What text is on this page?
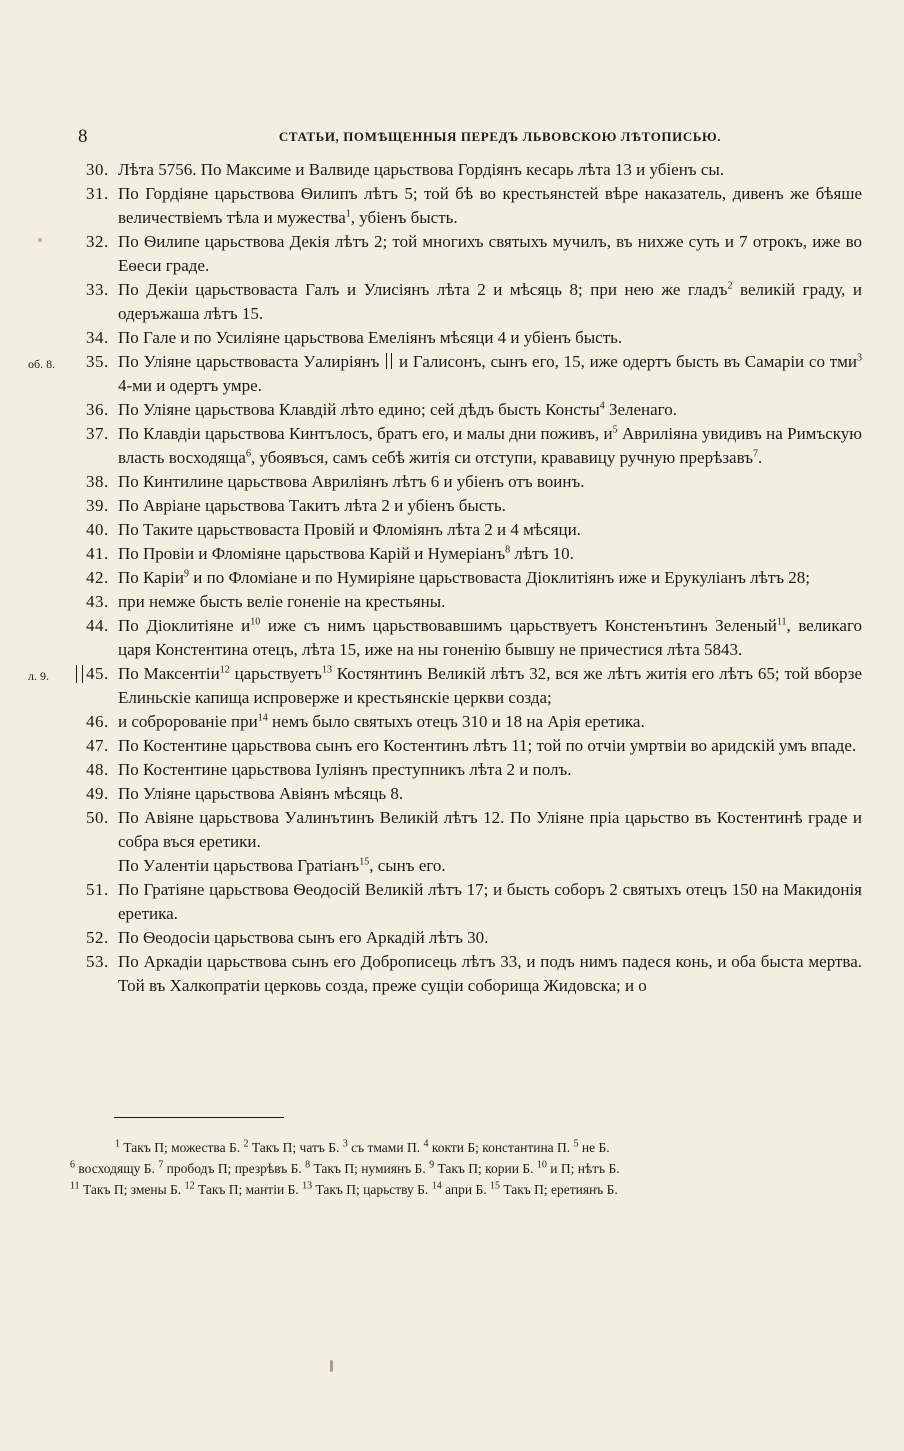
8	СТАТЬИ, ПОМѢЩЕННЫЯ ПЕРЕДЪ ЛЬВОВСКОЮ ЛѢТОПИСЬЮ.
30. Лѣта 5756. По Максиме и Валвиде царьствова Гордіянъ кесарь лѣта 13 и убіенъ сы.
31. По Гордіяне царьствова Ѳилипъ лѣтъ 5; той бѣ во крестьянстей вѣре наказатель, дивенъ же бѣяше величествіемъ тѣла и мужества$^1$, убіенъ бысть.
32. По Ѳилипе царьствова Декія лѣтъ 2; той многихъ святыхъ мучилъ, въ нихже суть и 7 отрокъ, иже во Еѳеси граде.
33. По Декіи царьствоваста Галъ и Улисіянъ лѣта 2 и мѣсяць 8; при нею же гладъ$^2$ великій граду, и одеръжаша лѣтъ 15.
34. По Гале и по Усиліяне царьствова Емеліянъ мѣсяци 4 и убіенъ бысть.
об. 8.	35. По Уліяне царьствоваста Уалиріянъ  и Галисонъ, сынъ его, 15, иже одертъ бысть въ Самаріи со тми$^3$ 4-ми и одертъ умре.
36. По Уліяне царьствова Клавдій лѣто едино; сей дѣдъ бысть Консты$^4$ Зеленаго.
37. По Клавдіи царьствова Кинтълосъ, братъ его, и малы дни поживъ, $и^5$ Авриліяна увидивъ на Римъскую власть восходяща$^6$, убоявъся, самъ себѣ житія си отступи, крававицу ручную прерѣзавъ$^7$.
38. По Кинтилине царьствова Авриліянъ лѣтъ 6 и убіенъ отъ воинъ.
39. По Авріане царьствова Такитъ лѣта 2 и убіенъ бысть.
40. По Таките царьствоваста Провій и Фломіянъ лѣта 2 и 4 мѣсяци.
41. По Провіи и Фломіяне царьствова Карій и Нумеріанъ$^8$ лѣтъ 10.
42. По Каріи$^9$ и по Фломіане и по Нумиріяне царьствоваста Діоклитіянъ иже и Ерукуліанъ лѣтъ 28;
43. при немже бысть веліе гоненіе на крестьяны.
44. По Діоклитіяне $и^{10}$ иже съ нимъ царьствовавшимъ царьствуетъ Констенътинъ Зеленый$^{11}$, великаго царя Констентина отецъ, лѣта 15, иже на ны гоненію бывшу не причестися лѣта 5843.
л. 9.	45. По Максентіи$^{12}$ царьствуетъ$^{13}$ Костянтинъ Великій лѣтъ 32, вся же лѣтъ житія его лѣтъ 65; той вборзе Елиньскіе капища испроверже и крестьянскіе церкви созда;
46. и собророваніе при$^{14}$ немъ было святыхъ отецъ 310 и 18 на Арія еретика.
47. По Костентине царьствова сынъ его Костентинъ лѣтъ 11; той по отчіи умртвіи во аридскій умъ впаде.
48. По Костентине царьствова Іуліянъ преступникъ лѣта 2 и полъ.
49. По Уліяне царьствова Авіянъ мѣсяць 8.
50. По Авіяне царьствова Уалинътинъ Великій лѣтъ 12. По Уліяне пріа царьство въ Костентинѣ граде и собра въся еретики.
По Уалентіи царьствова Гратіанъ$^{15}$, сынъ его.
51. По Гратіяне царьствова Ѳеодосій Великій лѣтъ 17; и бысть соборъ 2 святыхъ отецъ 150 на Макидонія еретика.
52. По Ѳеодосіи царьствова сынъ его Аркадій лѣтъ 30.
53. По Аркадіи царьствова сынъ его Доброписець лѣтъ 33, и подъ нимъ падеся конь, и оба быста мертва. Той въ Халкопратіи церковь созда, преже сущіи соборища Жидовска; и о
$^1$ Такъ П; можества Б. $^2$ Такъ П; чатъ Б. $^3$ съ тмами П. $^4$ кокти Б; константина П. $^5$ не Б.
$^6$ восходящу Б. $^7$ прободъ П; презрѣвъ Б. $^8$ Такъ П; нумиянъ Б. $^9$ Такъ П; кории Б. $^{10}$ и П; нѣтъ Б.
$^{11}$ Такъ П; змены Б. $^{12}$ Такъ П; мантіи Б. $^{13}$ Такъ П; царьству Б. $^{14}$ апри Б. $^{15}$ Такъ П; еретиянъ Б.
